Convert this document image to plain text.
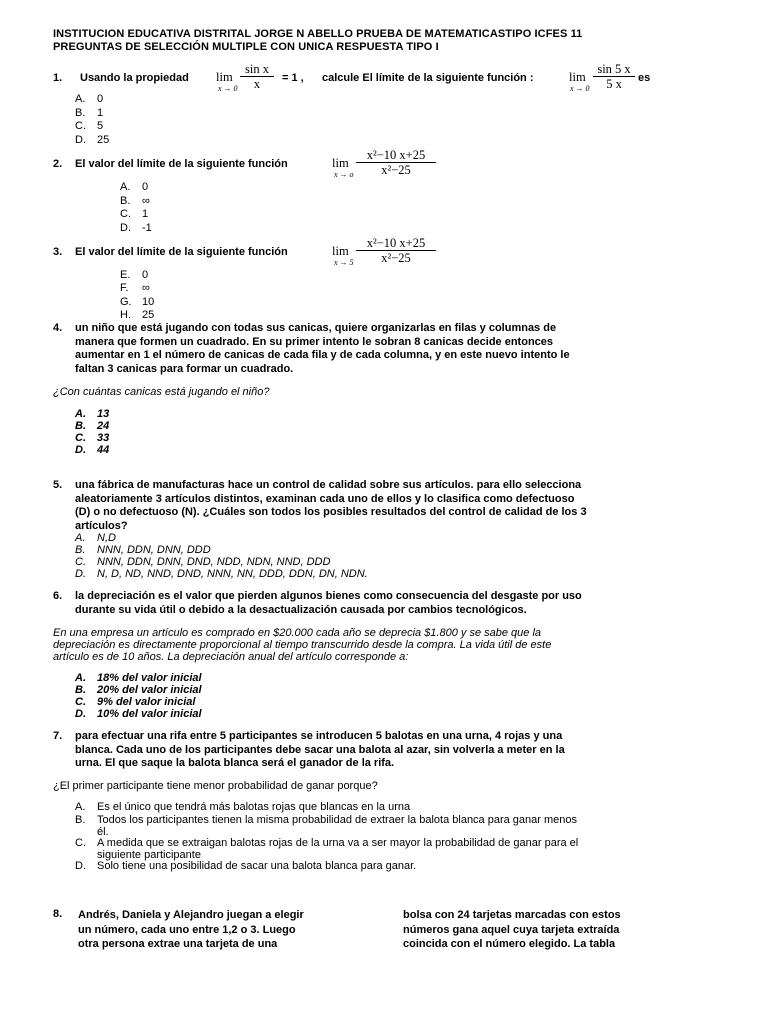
INSTITUCION EDUCATIVA DISTRITAL JORGE N ABELLO PRUEBA DE MATEMATICASTIPO ICFES 11
PREGUNTAS DE SELECCIÓN MULTIPLE CON UNICA RESPUESTA TIPO I
1. Usando la propiedad lim
$x \to 0 \frac{\text{sin x}}{x} = 1$ , calcule El límite de la siguiente función :	lim
$x \to 0 \frac{\sin 5 x}{5 x}$ es
A. 0
B. 1
C. 5
D. 25
2. El valor del límite de la siguiente función	lim
x → o $\frac{\text{x²−10 x+25}}{\text{x²−25}}$
A. 0
B. ∞
C. 1
D. -1
3. El valor del límite de la siguiente función	lim
$x \to 5 \frac{\text{x²−10 x+25}}{\text{x²−25}}$
E. 0
F. ∞
G. 10
H. 25
4. un niño que está jugando con todas sus canicas, quiere organizarlas en filas y columnas de
manera que formen un cuadrado. En su primer intento le sobran 8 canicas decide entonces
aumentar en 1 el número de canicas de cada fila y de cada columna, y en este nuevo intento le
faltan 3 canicas para formar un cuadrado.
¿Con cuántas canicas está jugando el niño?
A. 13
B. 24
C. 33
D. 44
5. una fábrica de manufacturas hace un control de calidad sobre sus artículos. para ello selecciona
aleatoriamente 3 artículos distintos, examinan cada uno de ellos y lo clasifica como defectuoso
(D) o no defectuoso (N). ¿Cuáles son todos los posibles resultados del control de calidad de los 3
artículos?
A. N,D
B. NNN, DDN, DNN, DDD
C. NNN, DDN, DNN, DND, NDD, NDN, NND, DDD
D. N, D, ND, NND, DND, NNN, NN, DDD, DDN, DN, NDN.
6. la depreciación es el valor que pierden algunos bienes como consecuencia del desgaste por uso
durante su vida útil o debido a la desactualización causada por cambios tecnológicos.
En una empresa un artículo es comprado en $20.000 cada año se deprecia $1.800 y se sabe que la
depreciación es directamente proporcional al tiempo transcurrido desde la compra. La vida útil de este
artículo es de 10 años. La depreciación anual del artículo corresponde a:
A. 18% del valor inicial
B. 20% del valor inicial
C. 9% del valor inicial
D. 10% del valor inicial
7. para efectuar una rifa entre 5 participantes se introducen 5 balotas en una urna, 4 rojas y una
blanca. Cada uno de los participantes debe sacar una balota al azar, sin volverla a meter en la
urna. El que saque la balota blanca será el ganador de la rifa.
¿El primer participante tiene menor probabilidad de ganar porque?
A. Es el único que tendrá más balotas rojas que blancas en la urna
B. Todos los participantes tienen la misma probabilidad de extraer la balota blanca para ganar menos
él.
C. A medida que se extraigan balotas rojas de la urna va a ser mayor la probabilidad de ganar para el
siguiente participante
D. Solo tiene una posibilidad de sacar una balota blanca para ganar.
8. Andrés, Daniela y Alejandro juegan a elegir
un número, cada uno entre 1,2 o 3. Luego
otra persona extrae una tarjeta de una
bolsa con 24 tarjetas marcadas con estos
números gana aquel cuya tarjeta extraída
coincida con el número elegido. La tabla
